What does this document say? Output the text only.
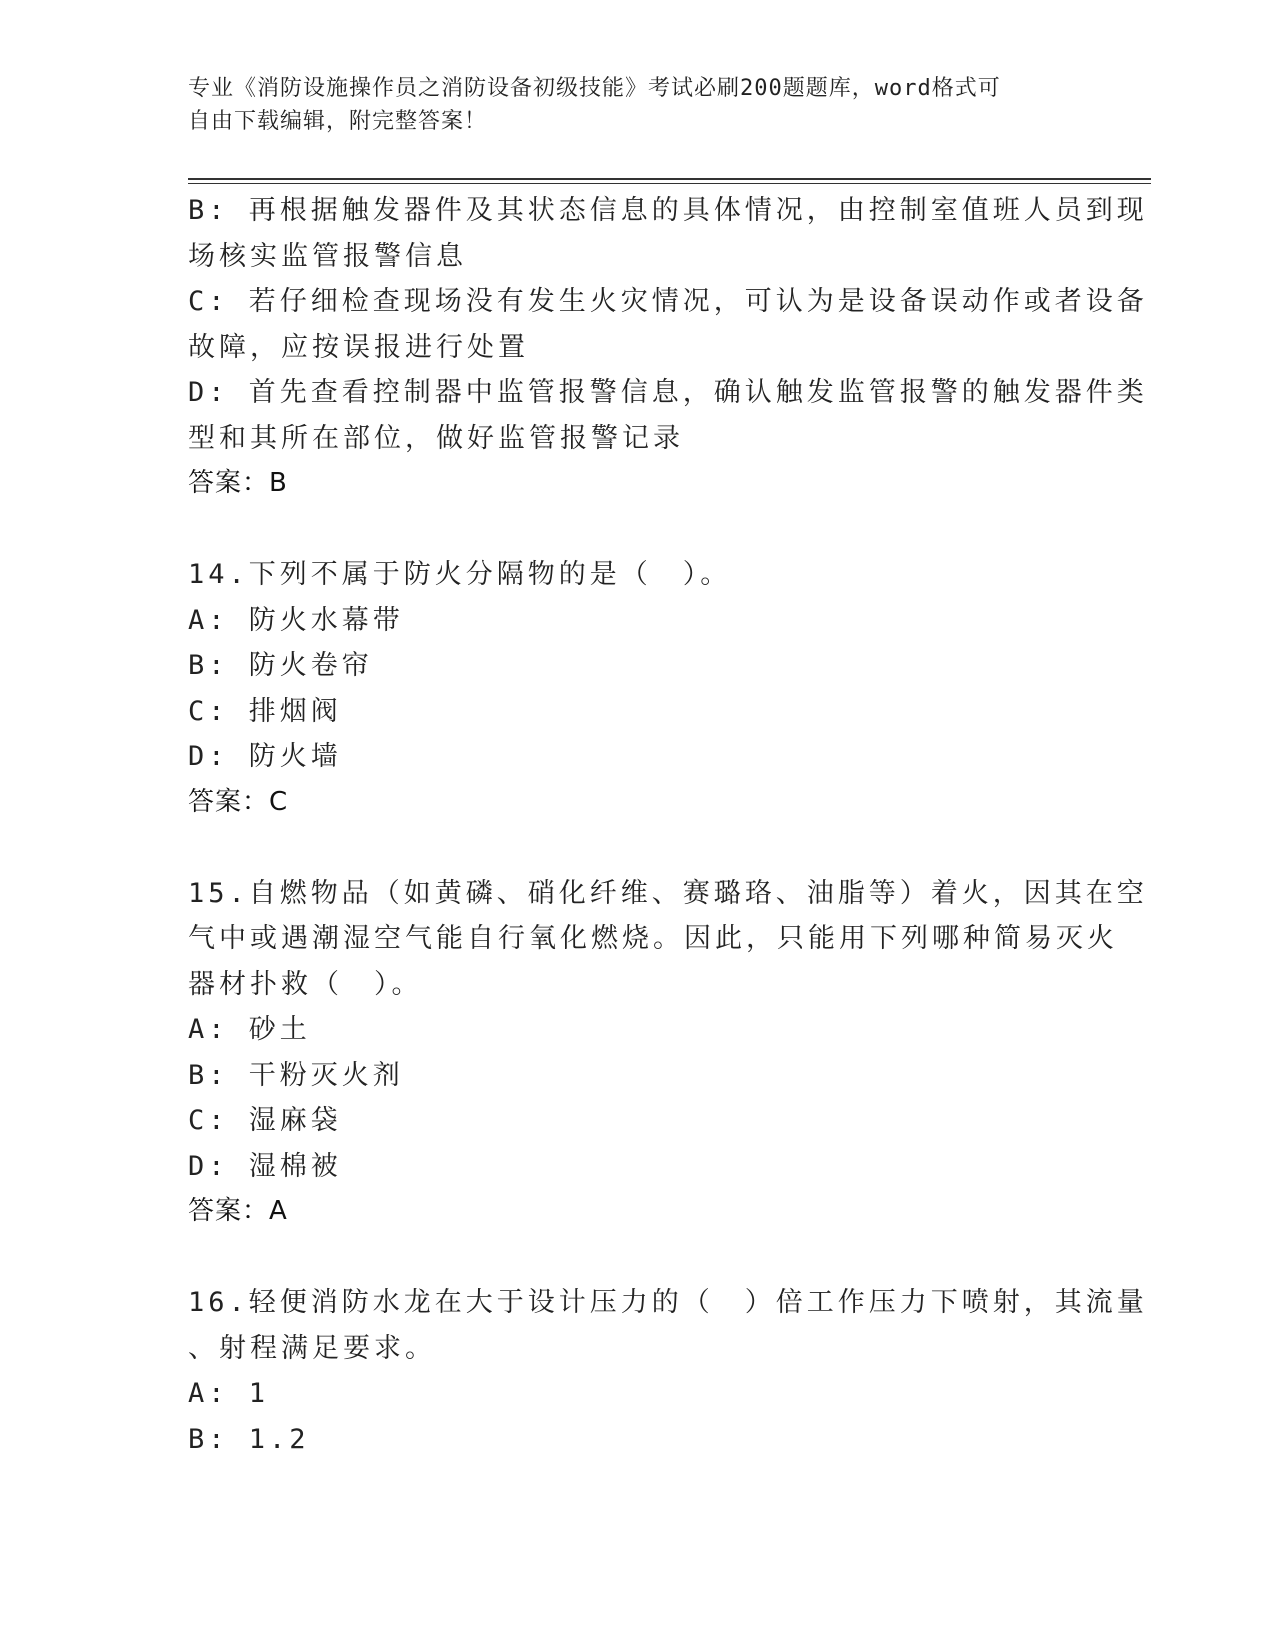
专业《消防设施操作员之消防设备初级技能》考试必刷200题题库，word格式可
自由下载编辑，附完整答案！
B: 再根据触发器件及其状态信息的具体情况，由控制室值班人员到现
场核实监管报警信息
C: 若仔细检查现场没有发生火灾情况，可认为是设备误动作或者设备
故障，应按误报进行处置
D: 首先查看控制器中监管报警信息，确认触发监管报警的触发器件类
型和其所在部位，做好监管报警记录
答案：B
14.下列不属于防火分隔物的是（　）。
A: 防火水幕带
B: 防火卷帘
C: 排烟阀
D: 防火墙
答案：C
15.自燃物品（如黄磷、硝化纤维、赛璐珞、油脂等）着火，因其在空
气中或遇潮湿空气能自行氧化燃烧。因此，只能用下列哪种简易灭火
器材扑救（　）。
A: 砂土
B: 干粉灭火剂
C: 湿麻袋
D: 湿棉被
答案：A
16.轻便消防水龙在大于设计压力的（　）倍工作压力下喷射，其流量
、射程满足要求。
A: 1
B: 1.2
